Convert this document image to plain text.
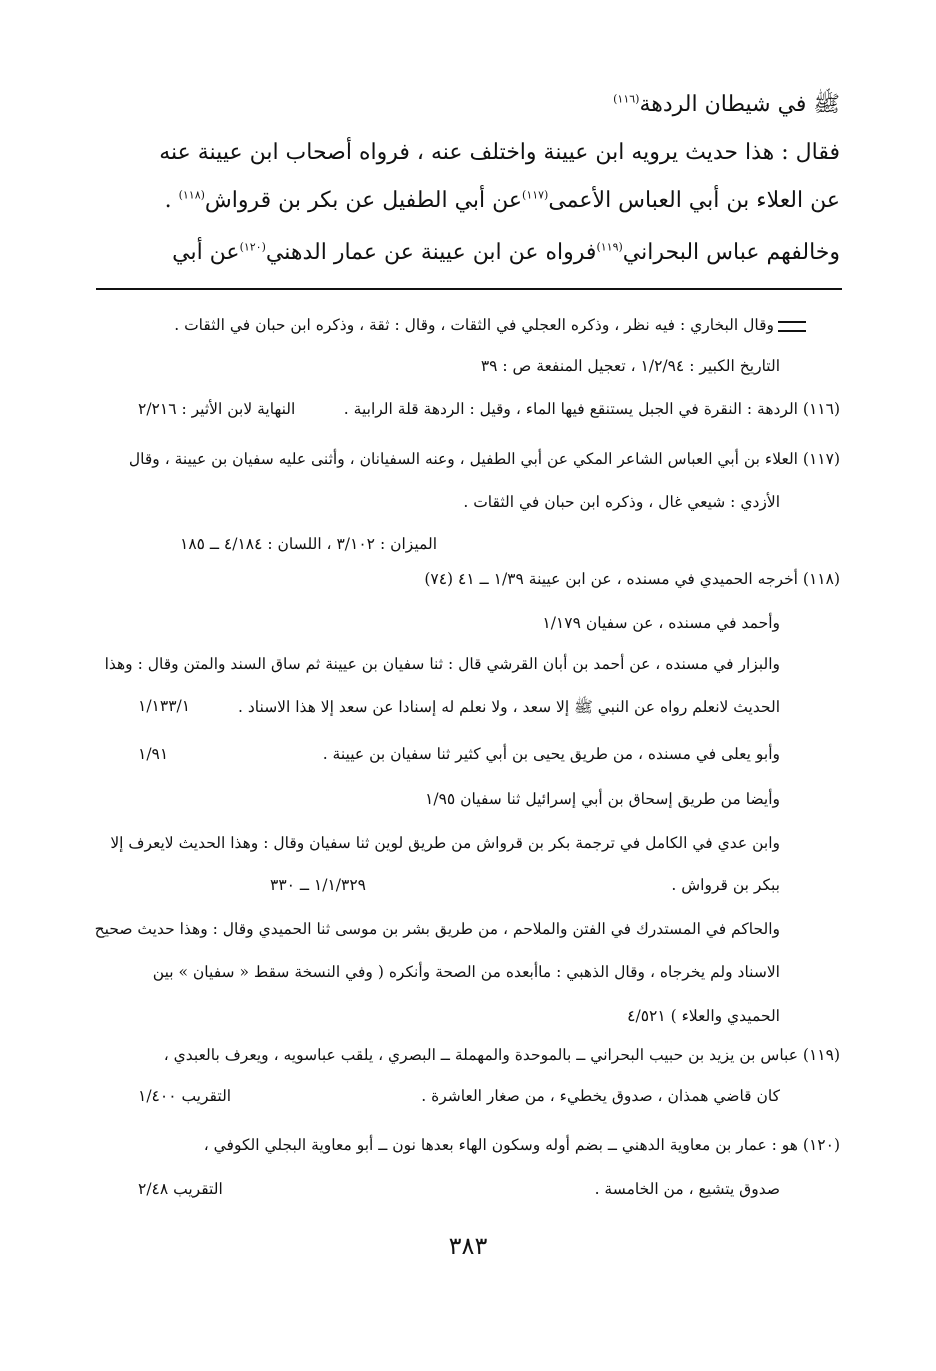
ﷺ في شيطان الردهة$^{(١١٦)}$
فقال : هذا حديث يرويه ابن عيينة واختلف عنه ، فرواه أصحاب ابن عيينة عنه
عن العلاء بن أبي العباس الأعمى$^{(١١٧)}$عن أبي الطفيل عن بكر بن قرواش$^{(١١٨)}$ .
وخالفهم عباس البحراني$^{(١١٩)}$فرواه عن ابن عيينة عن عمار الدهني$^{(١٢٠)}$عن أبي
وقال البخاري : فيه نظر ، وذكره العجلي في الثقات ، وقال : ثقة ، وذكره ابن حبان في الثقات .
التاريخ الكبير : ١/٢/٩٤ ، تعجيل المنفعة ص : ٣٩
(١١٦) الردهة : النقرة في الجبل يستنقع فيها الماء ، وقيل : الردهة قلة الرابية .
النهاية لابن الأثير : ٢/٢١٦
(١١٧) العلاء بن أبي العباس الشاعر المكي عن أبي الطفيل ، وعنه السفيانان ، وأثنى عليه سفيان بن عيينة ، وقال
الأزدي : شيعي غال ، وذكره ابن حبان في الثقات .
الميزان : ٣/١٠٢ ، اللسان : ٤/١٨٤ ــ ١٨٥
(١١٨) أخرجه الحميدي في مسنده ، عن ابن عيينة ١/٣٩ ــ ٤١ (٧٤)
وأحمد في مسنده ، عن سفيان ١/١٧٩
والبزار في مسنده ، عن أحمد بن أبان القرشي قال : ثنا سفيان بن عيينة ثم ساق السند والمتن وقال : وهذا
الحديث لانعلم رواه عن النبي ﷺ إلا سعد ، ولا نعلم له إسنادا عن سعد إلا هذا الاسناد .
١/١٣٣/١
وأبو يعلى في مسنده ، من طريق يحيى بن أبي كثير ثنا سفيان بن عيينة .
١/٩١
وأيضا من طريق إسحاق بن أبي إسرائيل ثنا سفيان ١/٩٥
وابن عدي في الكامل في ترجمة بكر بن قرواش من طريق لوين ثنا سفيان وقال : وهذا الحديث لايعرف إلا
ببكر بن قرواش .
١/١/٣٢٩ ــ ٣٣٠
والحاكم في المستدرك في الفتن والملاحم ، من طريق بشر بن موسى ثنا الحميدي وقال : وهذا حديث صحيح
الاسناد ولم يخرجاه ، وقال الذهبي : ماأبعده من الصحة وأنكره ( وفي النسخة سقط « سفيان » بين
الحميدي والعلاء ) ٤/٥٢١
(١١٩) عباس بن يزيد بن حبيب البحراني ــ بالموحدة والمهملة ــ البصري ، يلقب عباسويه ، ويعرف بالعبدي ،
كان قاضي همذان ، صدوق يخطيء ، من صغار العاشرة .
التقريب ١/٤٠٠
(١٢٠) هو : عمار بن معاوية الدهني ــ بضم أوله وسكون الهاء بعدها نون ــ أبو معاوية البجلي الكوفي ،
صدوق يتشيع ، من الخامسة .
التقريب ٢/٤٨
٣٨٣
